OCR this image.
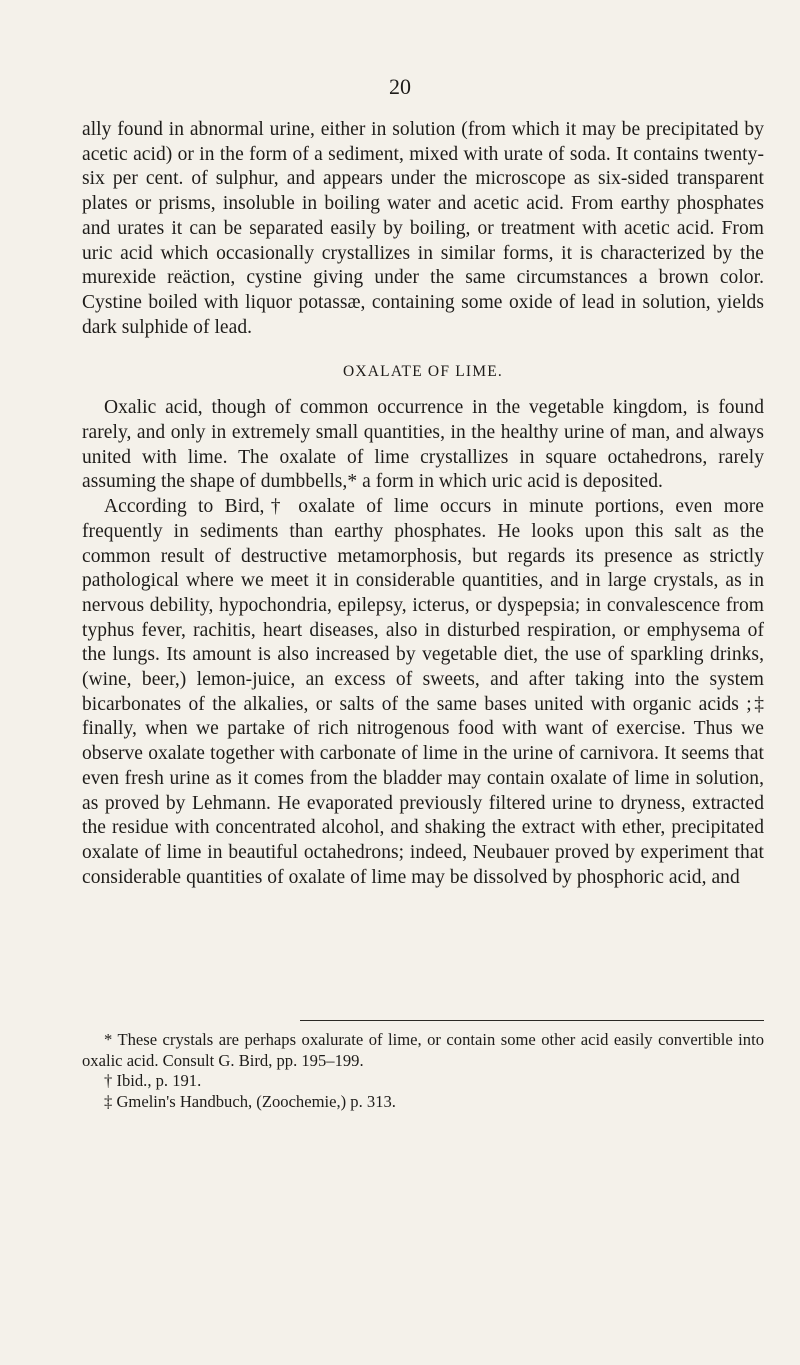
20

ally found in abnormal urine, either in solution (from which it may be precipitated by acetic acid) or in the form of a sediment, mixed with urate of soda. It contains twenty-six per cent. of sulphur, and appears under the microscope as six-sided transparent plates or prisms, insoluble in boiling water and acetic acid. From earthy phosphates and urates it can be separated easily by boiling, or treatment with acetic acid. From uric acid which occasionally crystallizes in similar forms, it is characterized by the murexide reäction, cystine giving under the same circumstances a brown color. Cystine boiled with liquor potassæ, containing some oxide of lead in solution, yields dark sulphide of lead.

OXALATE OF LIME.

Oxalic acid, though of common occurrence in the vegetable kingdom, is found rarely, and only in extremely small quantities, in the healthy urine of man, and always united with lime. The oxalate of lime crystallizes in square octahedrons, rarely assuming the shape of dumbbells,* a form in which uric acid is deposited.

According to Bird,† oxalate of lime occurs in minute portions, even more frequently in sediments than earthy phosphates. He looks upon this salt as the common result of destructive metamorphosis, but regards its presence as strictly pathological where we meet it in considerable quantities, and in large crystals, as in nervous debility, hypochondria, epilepsy, icterus, or dyspepsia; in convalescence from typhus fever, rachitis, heart diseases, also in disturbed respiration, or emphysema of the lungs. Its amount is also increased by vegetable diet, the use of sparkling drinks, (wine, beer,) lemon-juice, an excess of sweets, and after taking into the system bicarbonates of the alkalies, or salts of the same bases united with organic acids ;‡ finally, when we partake of rich nitrogenous food with want of exercise. Thus we observe oxalate together with carbonate of lime in the urine of carnivora. It seems that even fresh urine as it comes from the bladder may contain oxalate of lime in solution, as proved by Lehmann. He evaporated previously filtered urine to dryness, extracted the residue with concentrated alcohol, and shaking the extract with ether, precipitated oxalate of lime in beautiful octahedrons; indeed, Neubauer proved by experiment that considerable quantities of oxalate of lime may be dissolved by phosphoric acid, and

* These crystals are perhaps oxalurate of lime, or contain some other acid easily convertible into oxalic acid. Consult G. Bird, pp. 195–199.

† Ibid., p. 191.

‡ Gmelin's Handbuch, (Zoochemie,) p. 313.
